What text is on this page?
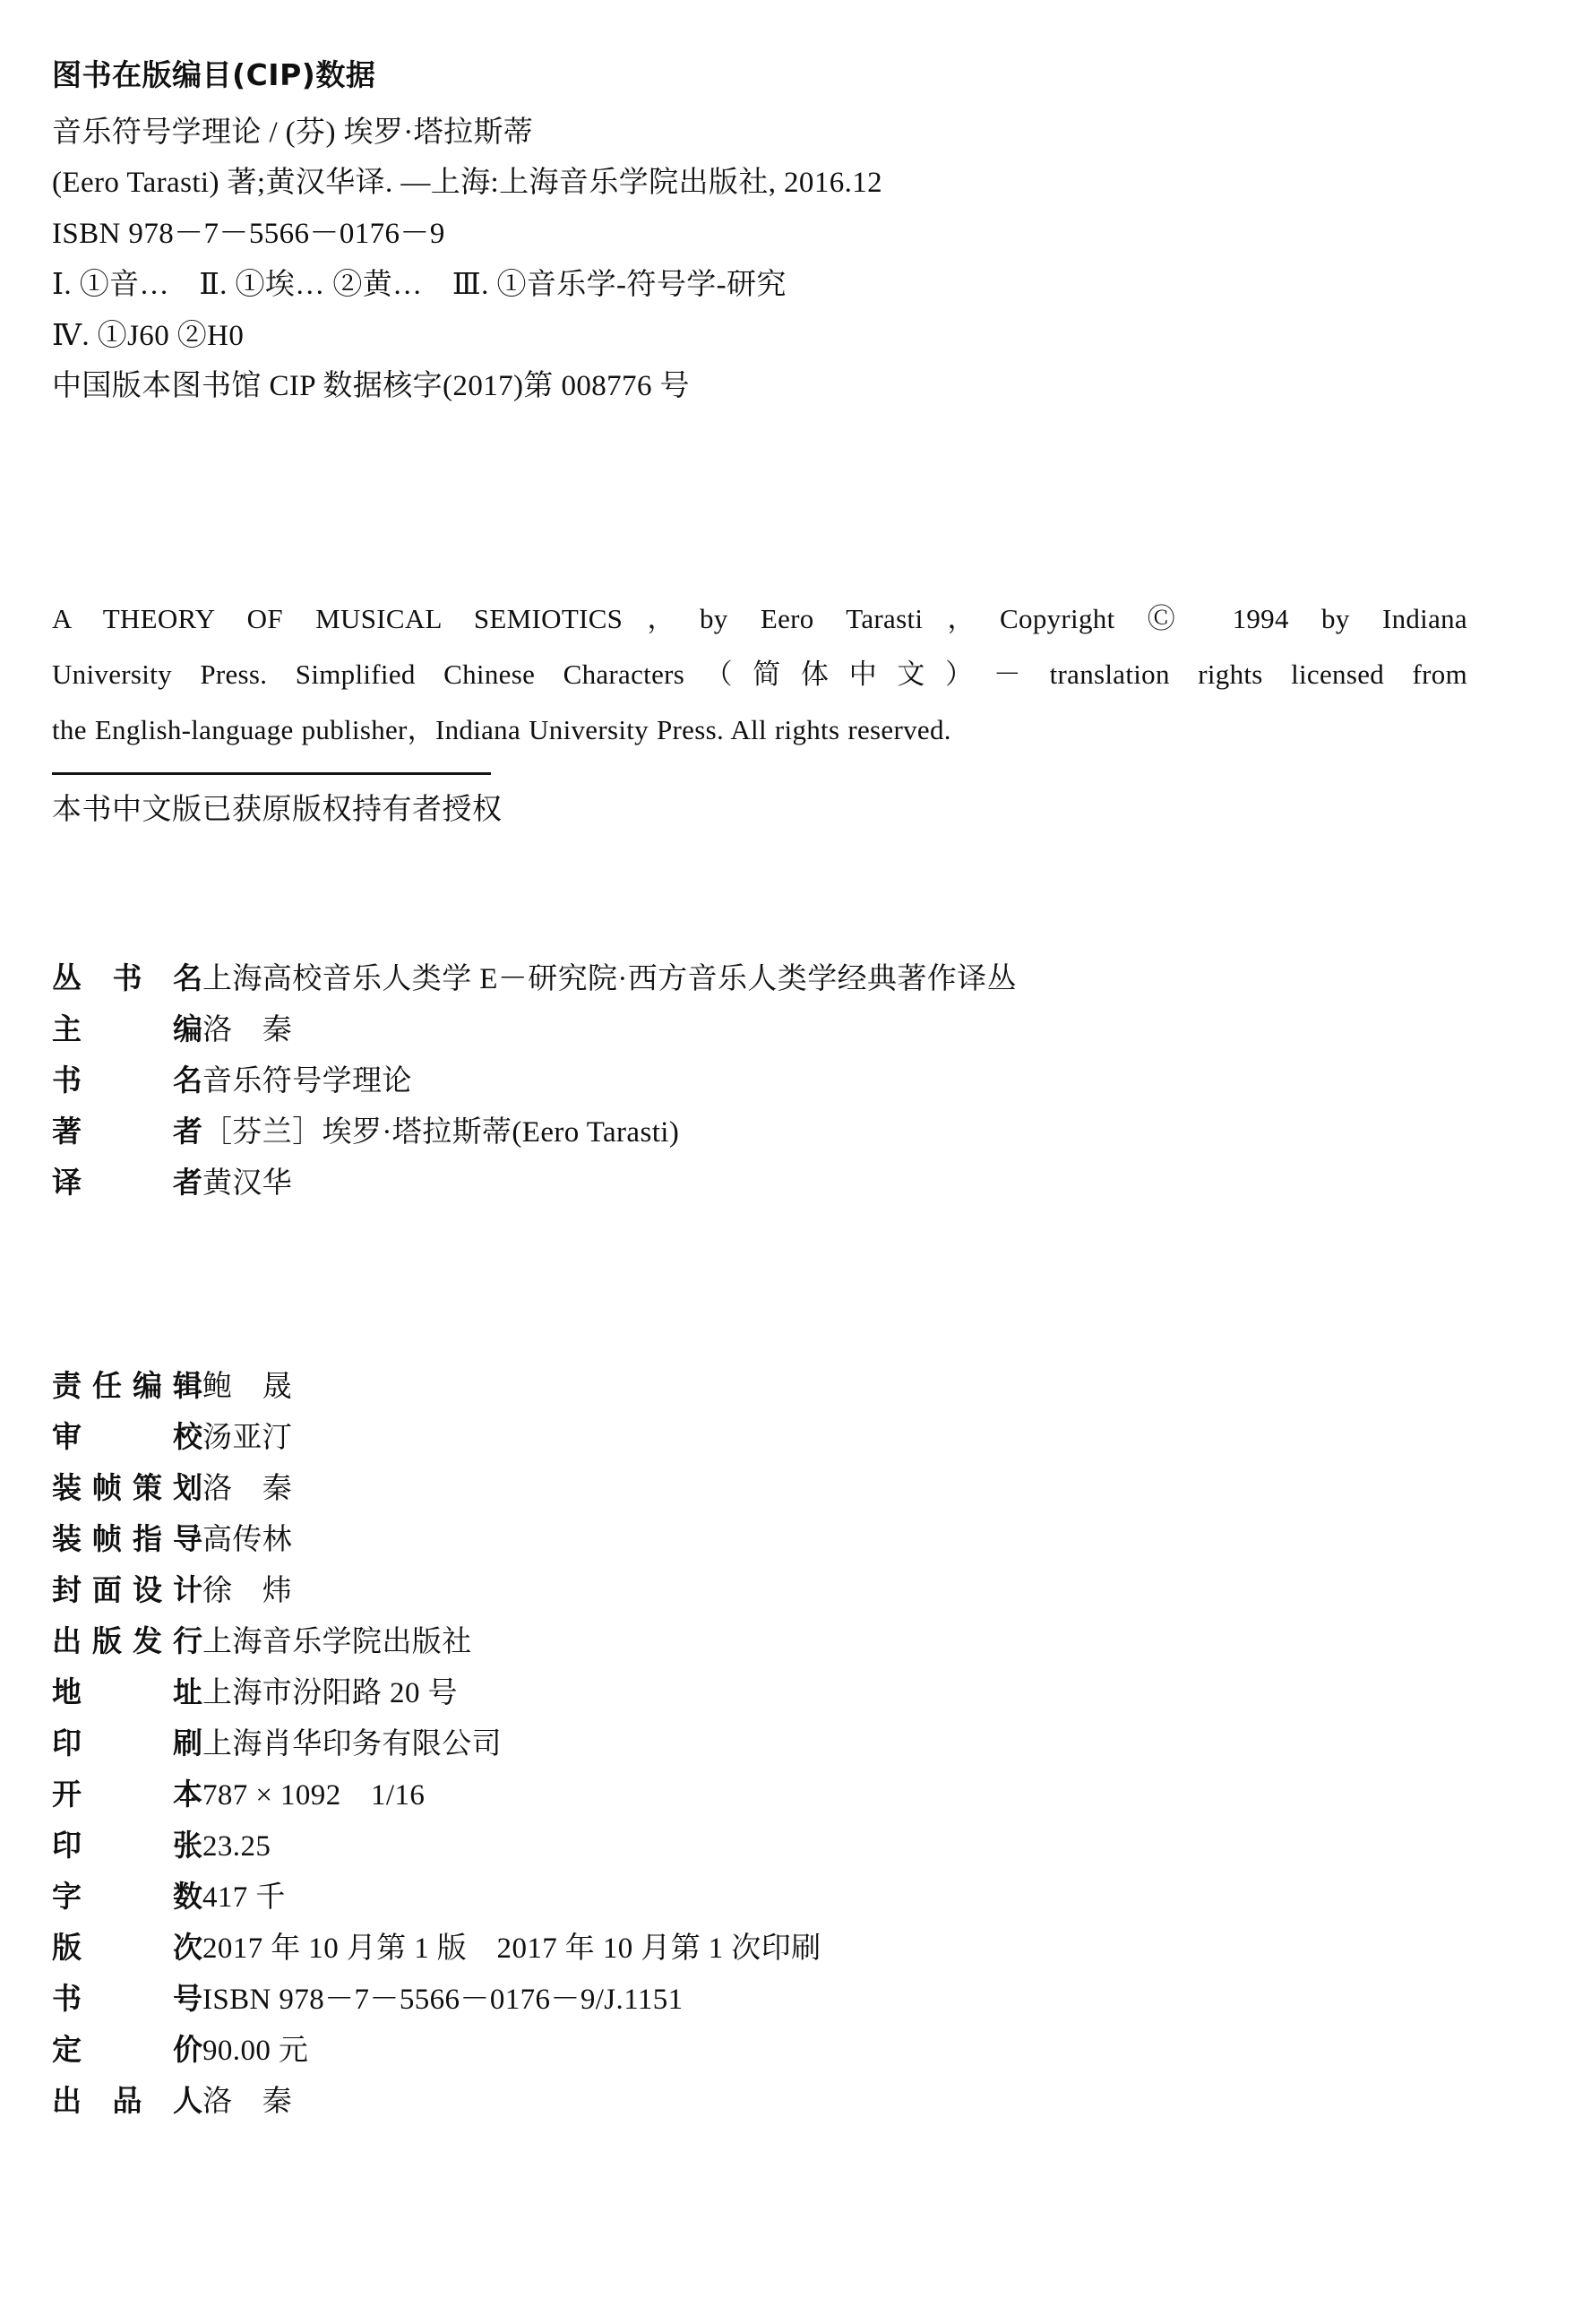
图书在版编目(CIP)数据
音乐符号学理论 / (芬) 埃罗·塔拉斯蒂
(Eero Tarasti) 著;黄汉华译. —上海:上海音乐学院出版社, 2016.12
ISBN 978－7－5566－0176－9
Ⅰ. ①音…　Ⅱ. ①埃… ②黄…　Ⅲ. ①音乐学-符号学-研究
Ⅳ. ①J60 ②H0
中国版本图书馆 CIP 数据核字(2017)第 008776 号
A THEORY OF MUSICAL SEMIOTICS，by Eero Tarasti，Copyright Ⓒ 1994 by Indiana
University Press. Simplified Chinese Characters（简体中文）－ translation rights licensed from
the English-language publisher，Indiana University Press. All rights reserved.
本书中文版已获原版权持有者授权
丛 书 名 上海高校音乐人类学 E－研究院·西方音乐人类学经典著作译丛
主	编 洛　秦
书	名 音乐符号学理论
著	者 ［芬兰］埃罗·塔拉斯蒂(Eero Tarasti)
译	者 黄汉华
责 任 编 辑 鲍　晟
审	校 汤亚汀
装 帧 策 划 洛　秦
装 帧 指 导 高传林
封 面 设 计 徐　炜
出 版 发 行 上海音乐学院出版社
地	址 上海市汾阳路 20 号
印	刷 上海肖华印务有限公司
开	本 787 × 1092　1/16
印	张 23.25
字	数 417 千
版	次 2017 年 10 月第 1 版　2017 年 10 月第 1 次印刷
书	号 ISBN 978－7－5566－0176－9/J.1151
定	价 90.00 元
出 品 人 洛　秦
